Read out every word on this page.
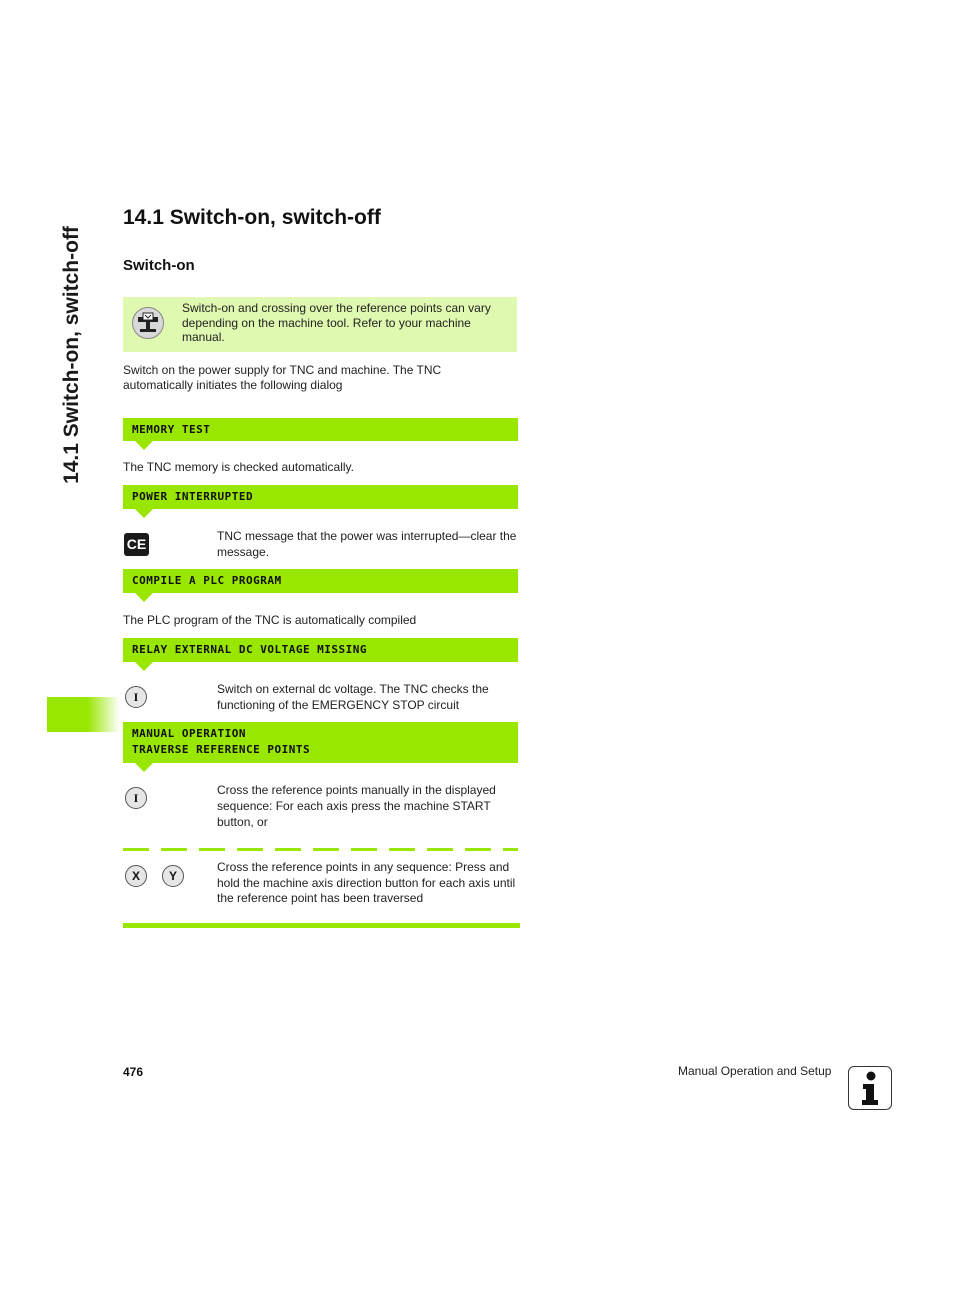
14.1 Switch-on, switch-off
14.1 Switch-on, switch-off
Switch-on
Switch-on and crossing over the reference points can vary depending on the machine tool. Refer to your machine manual.
Switch on the power supply for TNC and machine. The TNC automatically initiates the following dialog
MEMORY TEST
The TNC memory is checked automatically.
POWER INTERRUPTED
CE	TNC message that the power was interrupted—clear the message.
COMPILE A PLC PROGRAM
The PLC program of the TNC is automatically compiled
RELAY EXTERNAL DC VOLTAGE MISSING
I
Switch on external dc voltage. The TNC checks the functioning of the EMERGENCY STOP circuit
MANUAL OPERATION
TRAVERSE REFERENCE POINTS
I
Cross the reference points manually in the displayed sequence: For each axis press the machine START button, or
X	Y
Cross the reference points in any sequence: Press and hold the machine axis direction button for each axis until the reference point has been traversed
476	Manual Operation and Setup
